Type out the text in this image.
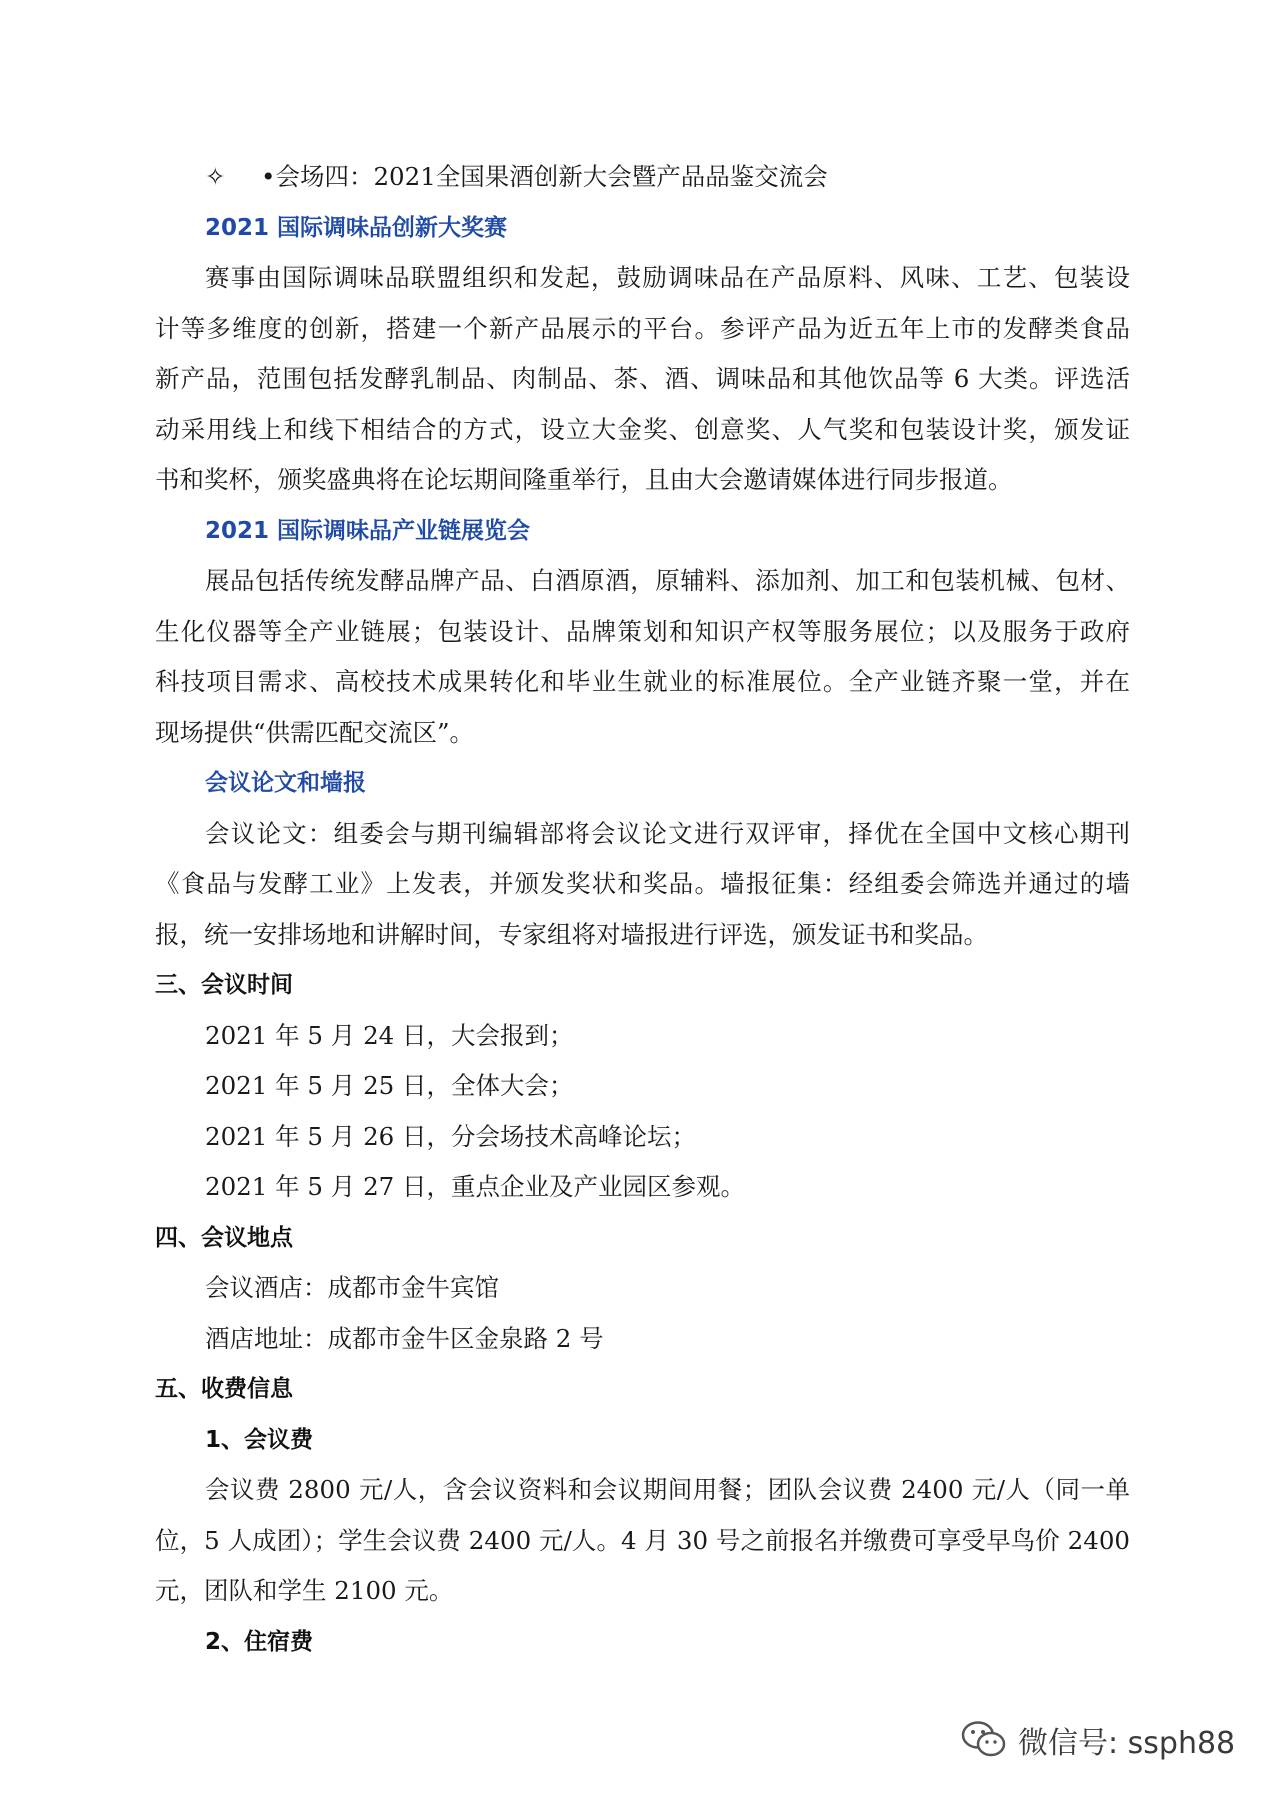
✧ •会场四：2021全国果酒创新大会暨产品品鉴交流会
2021 国际调味品创新大奖赛
赛事由国际调味品联盟组织和发起，鼓励调味品在产品原料、风味、工艺、包装设
计等多维度的创新，搭建一个新产品展示的平台。参评产品为近五年上市的发酵类食品
新产品，范围包括发酵乳制品、肉制品、茶、酒、调味品和其他饮品等 6 大类。评选活
动采用线上和线下相结合的方式，设立大金奖、创意奖、人气奖和包装设计奖，颁发证
书和奖杯，颁奖盛典将在论坛期间隆重举行，且由大会邀请媒体进行同步报道。
2021 国际调味品产业链展览会
展品包括传统发酵品牌产品、白酒原酒，原辅料、添加剂、加工和包装机械、包材、
生化仪器等全产业链展；包装设计、品牌策划和知识产权等服务展位；以及服务于政府
科技项目需求、高校技术成果转化和毕业生就业的标准展位。全产业链齐聚一堂，并在
现场提供“供需匹配交流区”。
会议论文和墙报
会议论文：组委会与期刊编辑部将会议论文进行双评审，择优在全国中文核心期刊
《食品与发酵工业》上发表，并颁发奖状和奖品。墙报征集：经组委会筛选并通过的墙
报，统一安排场地和讲解时间，专家组将对墙报进行评选，颁发证书和奖品。
三、会议时间
2021 年 5 月 24 日，大会报到；
2021 年 5 月 25 日，全体大会；
2021 年 5 月 26 日，分会场技术高峰论坛；
2021 年 5 月 27 日，重点企业及产业园区参观。
四、会议地点
会议酒店：成都市金牛宾馆
酒店地址：成都市金牛区金泉路 2 号
五、收费信息
1、会议费
会议费 2800 元/人，含会议资料和会议期间用餐；团队会议费 2400 元/人（同一单
位，5 人成团）；学生会议费 2400 元/人。4 月 30 号之前报名并缴费可享受早鸟价 2400
元，团队和学生 2100 元。
2、住宿费
微信号: ssph88
